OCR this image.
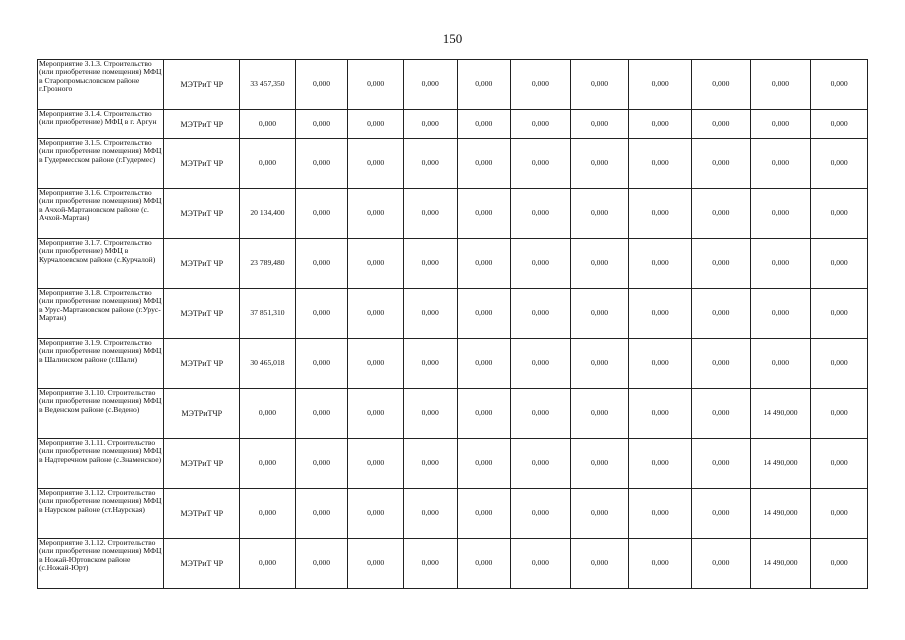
150
Мероприятие 3.1.3. Строительство (или приобретение помещения) МФЦ в Старопромысловском районе г.Грозного	МЭТРиТ ЧР	33 457,350	0,000	0,000	0,000	0,000	0,000	0,000	0,000	0,000	0,000	0,000
Мероприятие 3.1.4. Строительство (или приобретение) МФЦ в г. Аргун	МЭТРиТ ЧР	0,000	0,000	0,000	0,000	0,000	0,000	0,000	0,000	0,000	0,000	0,000
Мероприятие 3.1.5. Строительство (или приобретение помещения) МФЦ в Гудермесском районе (г.Гудермес)	МЭТРиТ ЧР	0,000	0,000	0,000	0,000	0,000	0,000	0,000	0,000	0,000	0,000	0,000
Мероприятие 3.1.6. Строительство (или приобретение помещения) МФЦ в Ачхой-Мартановском районе (с. Ачхой-Мартан)	МЭТРиТ ЧР	20 134,400	0,000	0,000	0,000	0,000	0,000	0,000	0,000	0,000	0,000	0,000
Мероприятие 3.1.7. Строительство (или приобретение) МФЦ в Курчалоевском районе (с.Курчалой)	МЭТРиТ ЧР	23 789,480	0,000	0,000	0,000	0,000	0,000	0,000	0,000	0,000	0,000	0,000
Мероприятие 3.1.8. Строительство (или приобретение помещения) МФЦ в Урус-Мартановском районе (г.Урус-Мартан)	МЭТРиТ ЧР	37 851,310	0,000	0,000	0,000	0,000	0,000	0,000	0,000	0,000	0,000	0,000
Мероприятие 3.1.9. Строительство (или приобретение помещения) МФЦ в Шалинском районе (г.Шали)	МЭТРиТ ЧР	30 465,018	0,000	0,000	0,000	0,000	0,000	0,000	0,000	0,000	0,000	0,000
Мероприятие 3.1.10. Строительство (или приобретение помещения) МФЦ в Веденском районе (с.Ведено)	МЭТРиТЧР	0,000	0,000	0,000	0,000	0,000	0,000	0,000	0,000	0,000	14 490,000	0,000
Мероприятие 3.1.11. Строительство (или приобретение помещения) МФЦ в Надтеречном районе (с.Знаменское)	МЭТРиТ ЧР	0,000	0,000	0,000	0,000	0,000	0,000	0,000	0,000	0,000	14 490,000	0,000
Мероприятие 3.1.12. Строительство (или приобретение помещения) МФЦ в Наурском районе (ст.Наурская)	МЭТРиТ ЧР	0,000	0,000	0,000	0,000	0,000	0,000	0,000	0,000	0,000	14 490,000	0,000
Мероприятие 3.1.12. Строительство (или приобретение помещения) МФЦ в Ножай-Юртовском районе (с.Ножай-Юрт)	МЭТРиТ ЧР	0,000	0,000	0,000	0,000	0,000	0,000	0,000	0,000	0,000	14 490,000	0,000
